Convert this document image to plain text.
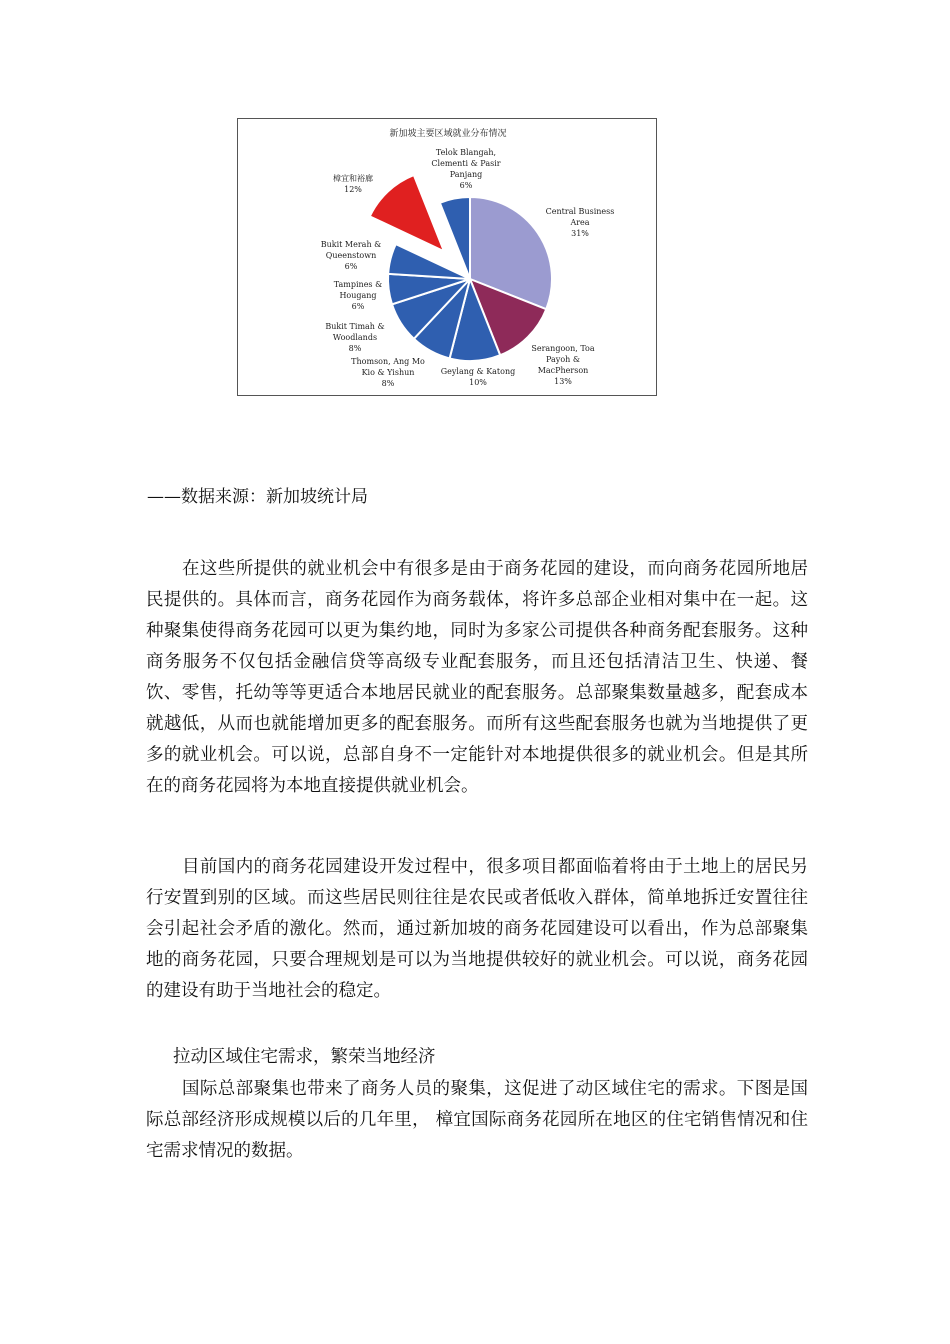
新加坡主要区域就业分布情况
Central Business Area 31%
Serangoon, Toa Payoh & MacPherson 13%
Geylang & Katong 10%
Thomson, Ang Mo Kio & Yishun 8%
Bukit Timah & Woodlands 8%
Tampines & Hougang 6%
Bukit Merah & Queenstown 6%
樟宜和裕廊 12%
Telok Blangah, Clementi & Pasir Panjang 6%
——数据来源：新加坡统计局

在这些所提供的就业机会中有很多是由于商务花园的建设，而向商务花园所地居民提供的。具体而言，商务花园作为商务载体，将许多总部企业相对集中在一起。这种聚集使得商务花园可以更为集约地，同时为多家公司提供各种商务配套服务。这种商务服务不仅包括金融信贷等高级专业配套服务，而且还包括清洁卫生、快递、餐饮、零售，托幼等等更适合本地居民就业的配套服务。总部聚集数量越多，配套成本就越低，从而也就能增加更多的配套服务。而所有这些配套服务也就为当地提供了更多的就业机会。可以说，总部自身不一定能针对本地提供很多的就业机会。但是其所在的商务花园将为本地直接提供就业机会。

目前国内的商务花园建设开发过程中，很多项目都面临着将由于土地上的居民另行安置到别的区域。而这些居民则往往是农民或者低收入群体，简单地拆迁安置往往会引起社会矛盾的激化。然而，通过新加坡的商务花园建设可以看出，作为总部聚集地的商务花园，只要合理规划是可以为当地提供较好的就业机会。可以说，商务花园的建设有助于当地社会的稳定。

拉动区域住宅需求，繁荣当地经济

国际总部聚集也带来了商务人员的聚集，这促进了动区域住宅的需求。下图是国际总部经济形成规模以后的几年里， 樟宜国际商务花园所在地区的住宅销售情况和住宅需求情况的数据。
